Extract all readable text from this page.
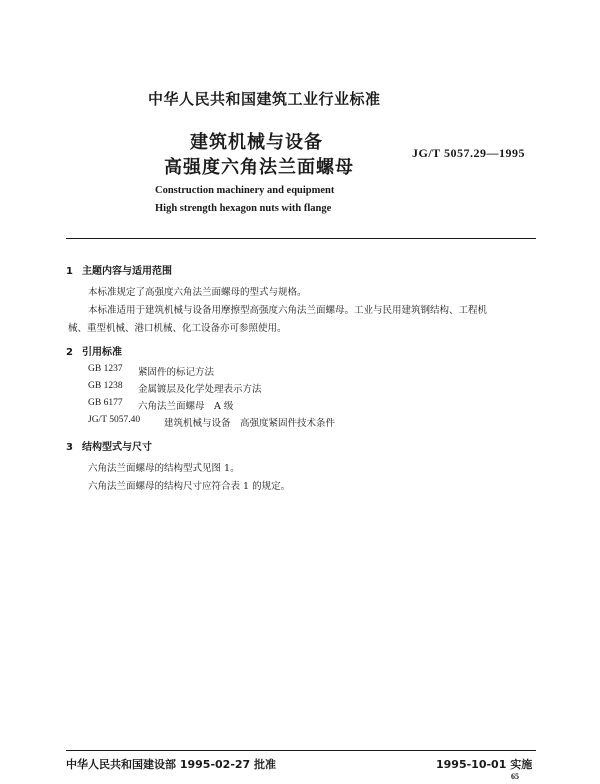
中华人民共和国建筑工业行业标准
建筑机械与设备
高强度六角法兰面螺母
JG/T 5057.29—1995
Construction machinery and equipment
High strength hexagon nuts with flange
1 主题内容与适用范围
本标准规定了高强度六角法兰面螺母的型式与规格。
本标准适用于建筑机械与设备用摩擦型高强度六角法兰面螺母。工业与民用建筑钢结构、工程机
械、重型机械、港口机械、化工设备亦可参照使用。
2 引用标准
GB 1237	紧固件的标记方法
GB 1238	金属镀层及化学处理表示方法
GB 6177	六角法兰面螺母　A 级
JG/T 5057.40	建筑机械与设备　高强度紧固件技术条件
3 结构型式与尺寸
六角法兰面螺母的结构型式见图 1。
六角法兰面螺母的结构尺寸应符合表 1 的规定。
中华人民共和国建设部 1995-02-27 批准	1995-10-01 实施
65
